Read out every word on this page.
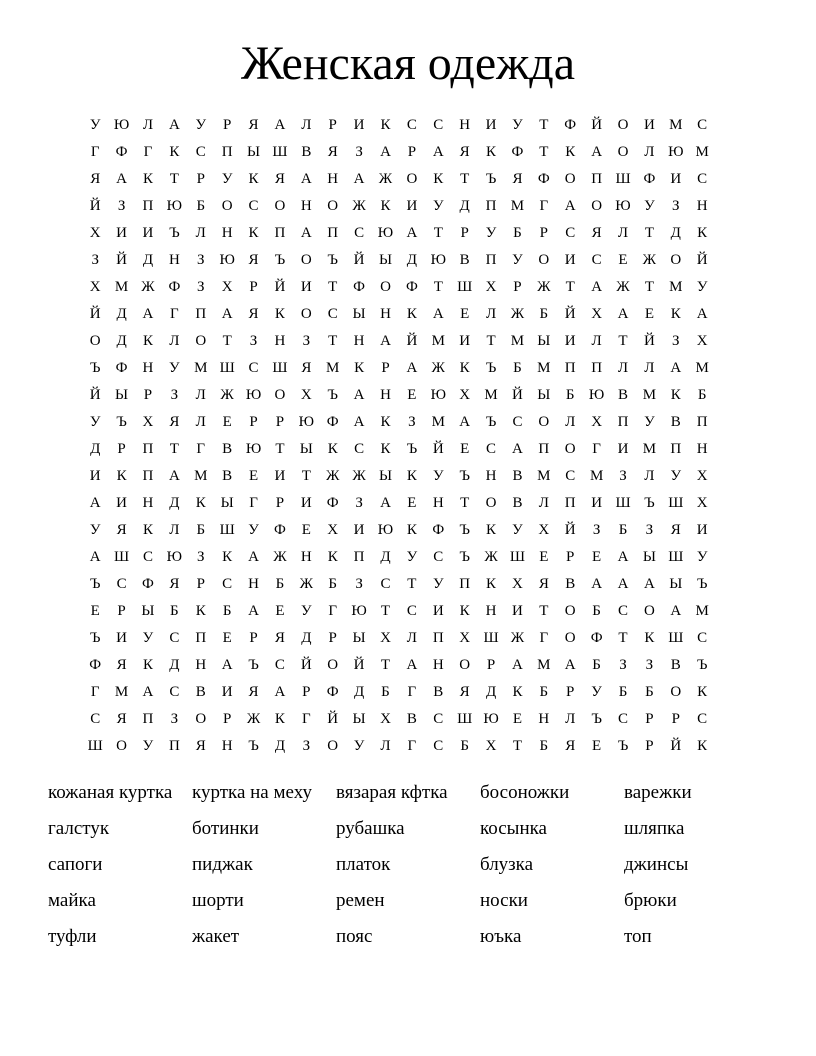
Женская одежда
У Ю Л	А	У	Р	Я	А	Л	Р	И	К	С	С	Н	И	У	Т	Ф	Й	О	И М С
Г	Ф	Г	К	С	П Ы Ш В	Я	З	А	Р	А	Я	К	Ф	Т	К	А	О	Л Ю М
Я	А	К	Т	Р	У	К	Я	А	Н	А Ж О	К	Т	Ъ	Я	Ф	О	П Ш Ф	И	С
Й	З	П Ю Б	О	С	О	Н	О Ж К	И	У	Д	П М	Г	А	О Ю У	З	Н
Х	И	И	Ъ	Л	Н	К	П	А	П	С Ю А	Т	Р	У	Б	Р	С	Я	Л	Т	Д	К
З	Й	Д	Н	З Ю Я	Ъ	О	Ъ	Й Ы Д Ю В	П	У	О	И	С	Е	Ж О	Й
Х М Ж Ф	З	Х	Р	Й	И	Т	Ф	О	Ф	Т Ш Х	Р	Ж	Т	А Ж	Т	М У
Й	Д	А	Г	П	А	Я	К	О	С Ы Н	К	А	Е	Л Ж	Б	Й	Х	А	Е	К	А
О	Д	К	Л	О	Т	З	Н	З	Т	Н	А	Й М И	Т	М Ы И	Л	Т	Й	З	Х
Ъ	Ф	Н	У М Ш С Ш Я М К	Р	А Ж К	Ъ	Б	М П	П	Л	Л	А М
Й Ы	Р	З	Л Ж Ю О	Х	Ъ	А	Н	Е Ю Х М Й Ы	Б Ю В М К	Б
У	Ъ	Х	Я	Л	Е	Р	Р Ю Ф	А	К	З	М А	Ъ	С	О	Л	Х	П	У	В	П
Д	Р	П	Т	Г	В Ю Т	Ы К	С	К	Ъ	Й	Е	С	А	П	О	Г	И М П	Н
И	К	П	А М В	Е	И	Т	Ж Ж Ы К	У	Ъ	Н	В М С М	З	Л	У	Х
А	И	Н	Д	К Ы	Г	Р	И	Ф	З	А	Е	Н	Т	О	В	Л	П	И Ш Ъ Ш Х
У	Я	К	Л	Б Ш У	Ф	Е	Х	И Ю К	Ф	Ъ	К	У	Х	Й	З	Б	З	Я	И
А Ш С Ю З	К	А Ж Н	К	П	Д	У	С	Ъ Ж Ш Е	Р	Е	А Ы Ш У
Ъ	С	Ф	Я	Р	С	Н	Б	Ж	Б	З	С	Т	У	П	К	Х	Я	В	А	А	А Ы Ъ
Е	Р	Ы	Б	К	Б	А	Е	У	Г Ю Т	С	И	К	Н	И	Т	О	Б	С	О	А М
Ъ	И	У	С	П	Е	Р	Я	Д	Р	Ы Х	Л	П	Х Ш Ж	Г	О	Ф	Т	К Ш С
Ф	Я	К	Д	Н	А	Ъ	С	Й	О	Й	Т	А	Н	О	Р	А М А	Б	З	З	В	Ъ
Г	М А	С	В	И	Я	А	Р	Ф	Д	Б	Г	В	Я	Д	К	Б	Р	У	Б	Б	О	К
С	Я	П	З	О	Р	Ж К	Г	Й Ы Х	В	С Ш Ю Е	Н	Л	Ъ	С	Р	Р	С
Ш О	У	П	Я	Н	Ъ	Д	З	О	У	Л	Г	С	Б	Х	Т	Б	Я	Е	Ъ	Р	Й	К
кожаная куртка	куртка на меху	вязарая кфтка	босоножки	варежки
галстук	ботинки	рубашка	косынка	шляпка
сапоги	пиджак	платок	блузка	джинсы
майка	шорти	ремен	носки	брюки
туфли	жакет	пояс	юъка	топ
